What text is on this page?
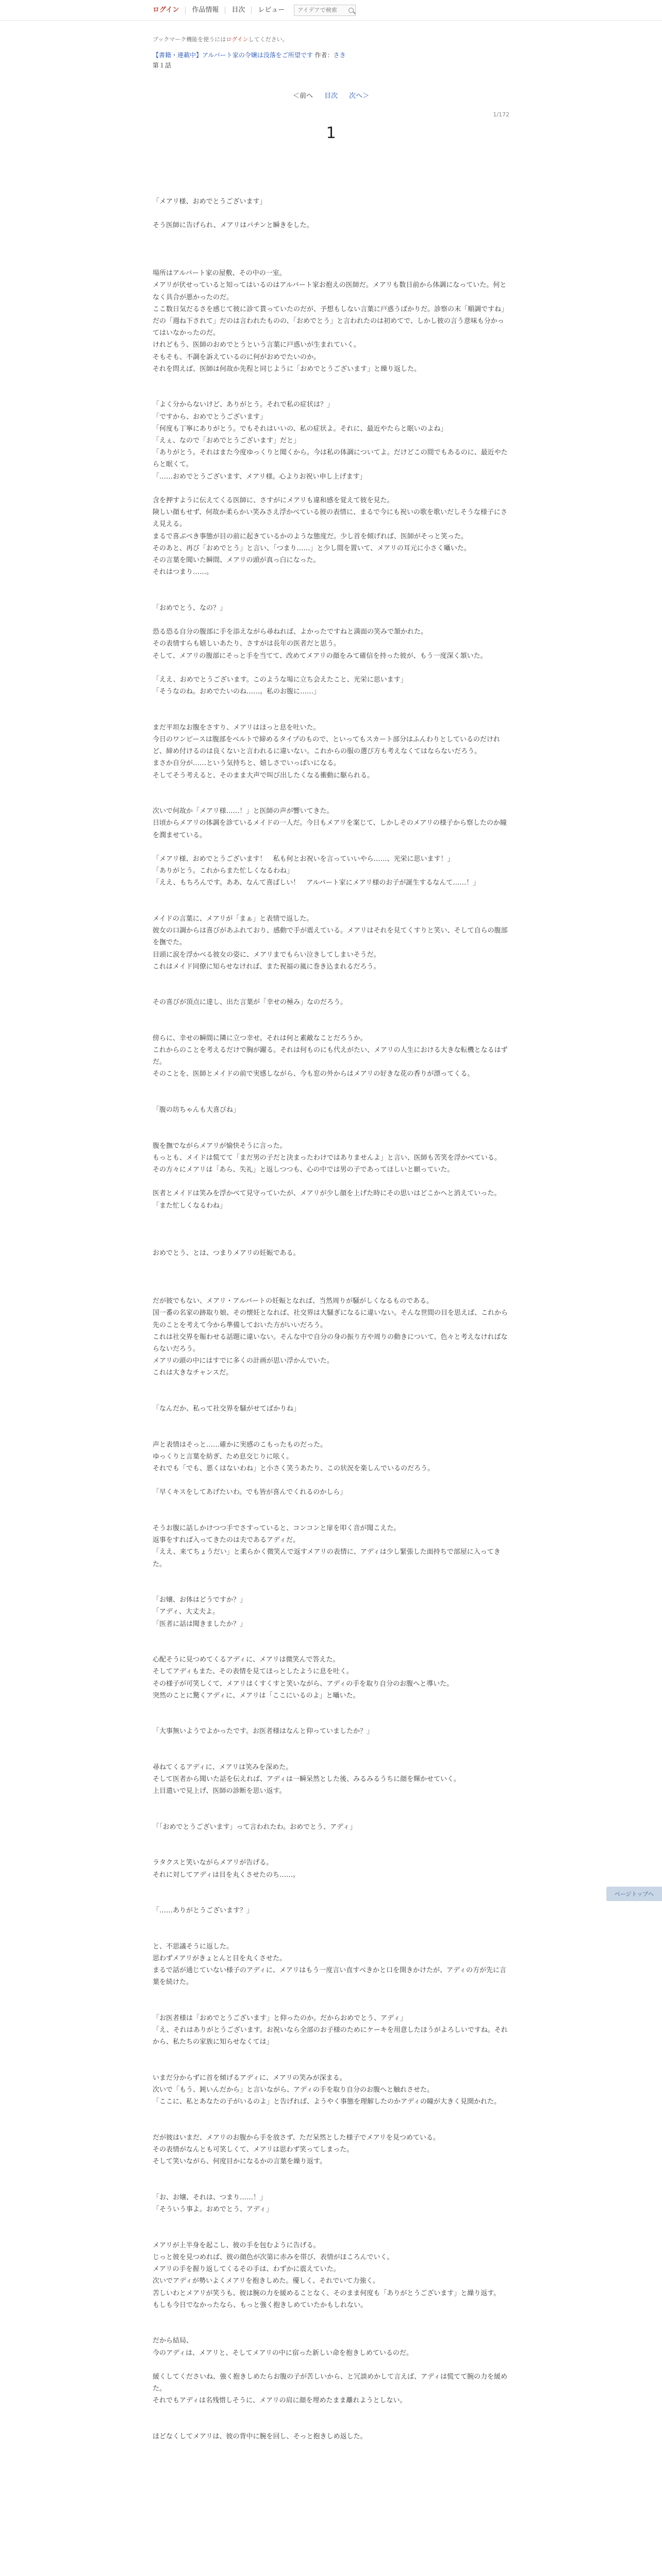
ログイン	作品情報	目次	レビュー
アイデアで検索

ブックマーク機能を使うにはログインしてください。

【書籍・連載中】アルバート家の令嬢は没落をご所望です 作者：さき
第１話
＜前へ 目次 次へ＞
1/172
1

「メアリ様、おめでとうございます」

そう医師に告げられ、メアリはパチンと瞬きをした。

場所はアルバート家の屋敷、その中の一室。

メアリが伏せっていると知ってはいるのはアルバート家お抱えの医師だ。メアリも数日前から体調になっていた。何となく具合が悪かったのだ。

ここ数日気だるさを感じて彼に診て貰っていたのだが、予想もしない言葉に戸惑うばかりだ。診察の末「順調ですね」だの「週ね下されて」だのは言われたものの、「おめでとう」と言われたのは初めてで、しかし彼の言う意味も分かってはいなかったのだ。

けれどもう、医師のおめでとうという言葉に戸惑いが生まれていく。

そもそも、不調を訴えているのに何がおめでたいのか。

それを問えば、医師は何故か先程と同じように「おめでとうございます」と繰り返した。

「よく分からないけど、ありがとう。それで私の症状は？」

「ですから、おめでとうございます」

「何度も丁寧にありがとう。でもそれはいいの、私の症状よ。それに、最近やたらと眠いのよね」

「えぇ、なので「おめでとうございます」だと」

「ありがとう。それはまた今度ゆっくりと聞くから。今は私の体調についてよ。だけどこの間でもあるのに、最近やたらと眠くて。

「……おめでとうございます、メアリ様。心よりお祝い申し上げます」

含を押すように伝えてくる医師に、さすがにメアリも違和感を覚えて彼を見た。

険しい顔もせず、何故か柔らかい笑みさえ浮かべている彼の表情に、まるで今にも祝いの歌を歌いだしそうな様子にさえ見える。

まるで喜ぶべき事態が目の前に起きているかのような態度だ。少し首を傾げれば、医師がそっと笑った。

そのあと、再び「おめでとう」と言い、「つまり……」と少し間を置いて、メアリの耳元に小さく囁いた。

その言葉を聞いた瞬間、メアリの頭が真っ白になった。

それはつまり……。

「おめでとう、なの？」

恐る恐る自分の腹部に手を添えながら尋ねれば、よかったですねと満面の笑みで頷かれた。

その表情すらも嬉しいあたり、さすがは長年の医者だと思う。

そして、メアリの腹部にそっと手を当てて、改めてメアリの顔をみて確信を持った彼が、もう一度深く頷いた。

「ええ、おめでとうございます。このような場に立ち会えたこと、光栄に思います」

「そうなのね。おめでたいのね……。私のお腹に……」

まだ平坦なお腹をさすり、メアリはほっと息を吐いた。

今日のワンピースは腹部をベルトで締めるタイプのもので、といってもスカート部分はふんわりとしているのだけれど、締め付けるのは良くないと言われるに違いない。これからの服の選び方も考えなくてはならないだろう。

まさか自分が……という気持ちと、嬉しさでいっぱいになる。

そしてそう考えると、そのまま大声で叫び出したくなる衝動に駆られる。

次いで何故か「メアリ様……！」と医師の声が響いてきた。

日頃からメアリの体調を診ているメイドの一人だ。今日もメアリを案じて、しかしそのメアリの様子から察したのか瞳を潤ませている。

「メアリ様、おめでとうございます！　私も何とお祝いを言っていいやら……、光栄に思います！」

「ありがとう。これからまた忙しくなるわね」

「ええ、もちろんです。ああ、なんて喜ばしい！　アルバート家にメアリ様のお子が誕生するなんて……！」

メイドの言葉に、メアリが「まぁ」と表情で返した。

彼女の口調からは喜びがあふれており、感動で手が震えている。メアリはそれを見てくすりと笑い、そして自らの腹部を撫でた。

目頭に涙を浮かべる彼女の姿に、メアリまでもらい泣きしてしまいそうだ。

これはメイド同僚に知らせなければ、また祝福の嵐に巻き込まれるだろう。

その喜びが頂点に達し、出た言葉が「幸せの極み」なのだろう。

傍らに、幸せの瞬間に隣に立つ幸せ。それは何と素敵なことだろうか。

これからのことを考えるだけで胸が躍る。それは何ものにも代えがたい、メアリの人生における大きな転機となるはずだ。

そのことを、医師とメイドの前で実感しながら、今も窓の外からはメアリの好きな花の香りが漂ってくる。

「腹の坊ちゃんも大喜びね」

腹を撫でながらメアリが愉快そうに言った。

もっとも、メイドは慌てて「まだ男の子だと決まったわけではありませんよ」と言い、医師も苦笑を浮かべている。

その方々にメアリは「あら、失礼」と返しつつも、心の中では男の子であってほしいと願っていた。

医者とメイドは笑みを浮かべて見守っていたが、メアリが少し顔を上げた時にその思いはどこかへと消えていった。

「また忙しくなるわね」

おめでとう、とは、つまりメアリの妊娠である。

だが彼でもない、メアリ・アルバートの妊娠となれば、当然周りが騒がしくなるものである。

国一番の名家の跡取り娘、その懐妊となれば、社交界は大騒ぎになるに違いない。そんな世間の目を思えば、これから先のことを考えて今から準備しておいた方がいいだろう。

これは社交界を賑わせる話題に違いない。そんな中で自分の身の振り方や周りの動きについて、色々と考えなければならないだろう。

メアリの頭の中にはすでに多くの計画が思い浮かんでいた。

これは大きなチャンスだ。

「なんだか、私って社交界を騒がせてばかりね」

声と表情はそっと……確かに実感のこもったものだった。

ゆっくりと言葉を紡ぎ、ため息交じりに呟く。

それでも「でも、悪くはないわね」と小さく笑うあたり、この状況を楽しんでいるのだろう。

「早くキスをしてあげたいわ。でも皆が喜んでくれるのかしら」

そうお腹に話しかけつつ手でさすっていると、コンコンと扉を叩く音が聞こえた。

返事をすれば入ってきたのは夫であるアディだ。

「ええ、来てちょうだい」と柔らかく微笑んで返すメアリの表情に、アディは少し緊張した面持ちで部屋に入ってきた。

「お嬢、お体はどうですか？」

「アディ、大丈夫よ。

「医者に話は聞きましたか？」

心配そうに見つめてくるアディに、メアリは微笑んで答えた。

そしてアディもまた、その表情を見てほっとしたように息を吐く。

その様子が可笑しくて、メアリはくすくすと笑いながら、アディの手を取り自分のお腹へと導いた。

突然のことに驚くアディに、メアリは「ここにいるのよ」と囁いた。

「大事無いようでよかったです。お医者様はなんと仰っていましたか？」

尋ねてくるアディに、メアリは笑みを深めた。

そして医者から聞いた話を伝えれば、アディは一瞬呆然とした後、みるみるうちに顔を輝かせていく。

上目遣いで見上げ、医師の診断を思い返す。

「「おめでとうございます」って言われたわ。おめでとう、アディ」

ラタクスと笑いながらメアリが告げる。

それに対してアディは目を丸くさせたのち……。

「……ありがとうございます？」

と、不思議そうに返した。

思わずメアリがきょとんと目を丸くさせた。

まるで話が通じていない様子のアディに、メアリはもう一度言い直すべきかと口を開きかけたが、アディの方が先に言葉を続けた。

「お医者様は「おめでとうございます」と仰ったのか。だからおめでとう、アディ」

「え、それはありがとうございます。お祝いなら全部のお子様のためにケーキを用意したほうがよろしいですね。それから、私たちの家族に知らせなくては」

いまだ分からずに首を傾げるアディに、メアリの笑みが深まる。

次いで「もう、鈍いんだから」と言いながら、アディの手を取り自分のお腹へと触れさせた。

「ここに、私とあなたの子がいるのよ」と告げれば、ようやく事態を理解したのかアディの瞳が大きく見開かれた。

だが彼はいまだ、メアリのお腹から手を放さず、ただ呆然とした様子でメアリを見つめている。

その表情がなんとも可笑しくて、メアリは思わず笑ってしまった。

そして笑いながら、何度目かになるかの言葉を繰り返す。

「お、お嬢、それは、つまり……！」

「そういう事よ。おめでとう、アディ」

メアリが上半身を起こし、彼の手を包むように告げる。

じっと彼を見つめれば、彼の顔色が次第に赤みを帯び、表情がほころんでいく。

メアリの手を握り返してくるその手は、わずかに震えていた。

次いでアディが勢いよくメアリを抱きしめた。優しく、それでいて力強く。

苦しいわとメアリが笑うも、彼は腕の力を緩めることなく、そのまま何度も「ありがとうございます」と繰り返す。

もしも今日でなかったなら、もっと強く抱きしめていたかもしれない。

だから結局、

今のアディは、メアリと、そしてメアリの中に宿った新しい命を抱きしめているのだ。

緩くしてくださいね、強く抱きしめたらお腹の子が苦しいから、と冗談めかして言えば、アディは慌てて腕の力を緩めた。

それでもアディは名残惜しそうに、メアリの肩に顔を埋めたまま離れようとしない。

ほどなくしてメアリは、彼の背中に腕を回し、そっと抱きしめ返した。

ページトップへ
